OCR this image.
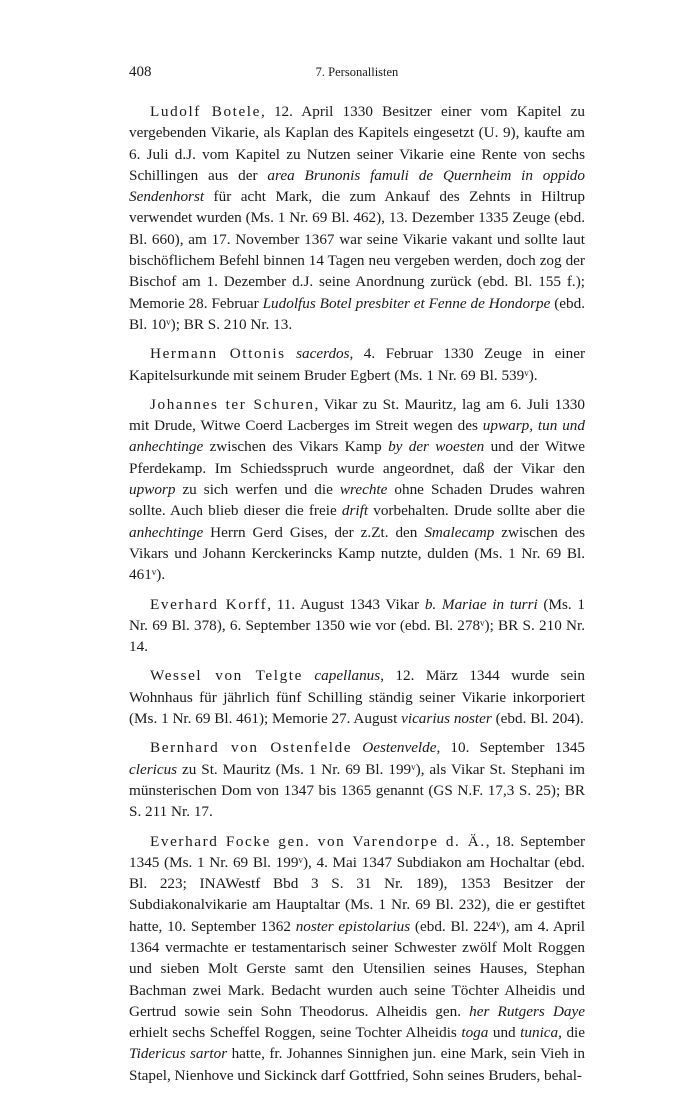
408	7. Personallisten

Ludolf Botele, 12. April 1330 Besitzer einer vom Kapitel zu vergebenden Vikarie, als Kaplan des Kapitels eingesetzt (U. 9), kaufte am 6. Juli d.J. vom Kapitel zu Nutzen seiner Vikarie eine Rente von sechs Schillingen aus der area Brunonis famuli de Quernheim in oppido Sendenhorst für acht Mark, die zum Ankauf des Zehnts in Hiltrup verwendet wurden (Ms. 1 Nr. 69 Bl. 462), 13. Dezember 1335 Zeuge (ebd. Bl. 660), am 17. November 1367 war seine Vikarie vakant und sollte laut bischöflichem Befehl binnen 14 Tagen neu vergeben werden, doch zog der Bischof am 1. Dezember d.J. seine Anordnung zurück (ebd. Bl. 155 f.); Memorie 28. Februar Ludolfus Botel presbiter et Fenne de Hondorpe (ebd. Bl. 10$^v$); BR S. 210 Nr. 13.

Hermann Ottonis sacerdos, 4. Februar 1330 Zeuge in einer Kapitelsurkunde mit seinem Bruder Egbert (Ms. 1 Nr. 69 Bl. 539$^v$).

Johannes ter Schuren, Vikar zu St. Mauritz, lag am 6. Juli 1330 mit Drude, Witwe Coerd Lacberges im Streit wegen des upwarp, tun und anhechtinge zwischen des Vikars Kamp by der woesten und der Witwe Pferdekamp. Im Schiedsspruch wurde angeordnet, daß der Vikar den upworp zu sich werfen und die wrechte ohne Schaden Drudes wahren sollte. Auch blieb dieser die freie drift vorbehalten. Drude sollte aber die anhechtinge Herrn Gerd Gises, der z.Zt. den Smalecamp zwischen des Vikars und Johann Kerckerincks Kamp nutzte, dulden (Ms. 1 Nr. 69 Bl. 461$^v$).

Everhard Korff, 11. August 1343 Vikar b. Mariae in turri (Ms. 1 Nr. 69 Bl. 378), 6. September 1350 wie vor (ebd. Bl. 278$^v$); BR S. 210 Nr. 14.

Wessel von Telgte capellanus, 12. März 1344 wurde sein Wohnhaus für jährlich fünf Schilling ständig seiner Vikarie inkorporiert (Ms. 1 Nr. 69 Bl. 461); Memorie 27. August vicarius noster (ebd. Bl. 204).

Bernhard von Ostenfelde Oestenvelde, 10. September 1345 clericus zu St. Mauritz (Ms. 1 Nr. 69 Bl. 199$^v$), als Vikar St. Stephani im münsterischen Dom von 1347 bis 1365 genannt (GS N.F. 17,3 S. 25); BR S. 211 Nr. 17.

Everhard Focke gen. von Varendorpe d. Ä., 18. September 1345 (Ms. 1 Nr. 69 Bl. 199$^v$), 4. Mai 1347 Subdiakon am Hochaltar (ebd. Bl. 223; INAWestf Bbd 3 S. 31 Nr. 189), 1353 Besitzer der Subdiakonalvikarie am Hauptaltar (Ms. 1 Nr. 69 Bl. 232), die er gestiftet hatte, 10. September 1362 noster epistolarius (ebd. Bl. 224$^v$), am 4. April 1364 vermachte er testamentarisch seiner Schwester zwölf Molt Roggen und sieben Molt Gerste samt den Utensilien seines Hauses, Stephan Bachman zwei Mark. Bedacht wurden auch seine Töchter Alheidis und Gertrud sowie sein Sohn Theodorus. Alheidis gen. her Rutgers Daye erhielt sechs Scheffel Roggen, seine Tochter Alheidis toga und tunica, die Tidericus sartor hatte, fr. Johannes Sinnighen jun. eine Mark, sein Vieh in Stapel, Nienhove und Sickinck darf Gottfried, Sohn seines Bruders, behal-
